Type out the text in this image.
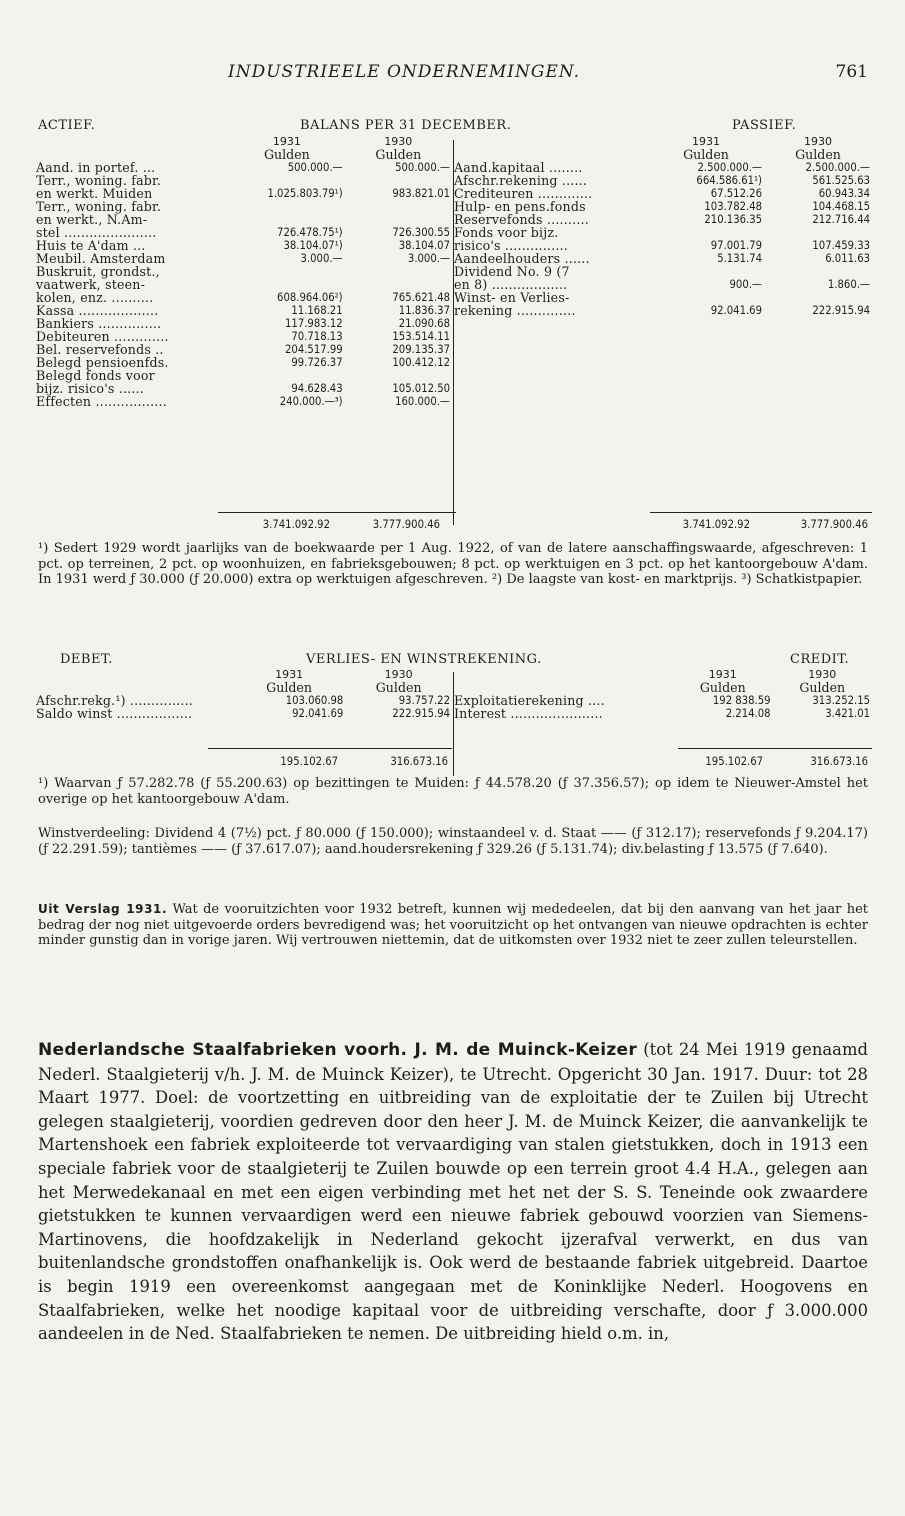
INDUSTRIEELE ONDERNEMINGEN.	761
ACTIEF.	BALANS PER 31 DECEMBER.	PASSIEF.
	1931	1930
	Gulden	Gulden
Aand. in portef. ...	500.000.—	500.000.—
Terr., woning. fabr.		
en werkt. Muiden	1.025.803.79¹)	983.821.01
Terr., woning. fabr.		
en werkt., N.Am-		
stel ......................	726.478.75¹)	726.300.55
Huis te A'dam ...	38.104.07¹)	38.104.07
Meubil. Amsterdam	3.000.—	3.000.—
Buskruit, grondst.,		
vaatwerk, steen-		
kolen, enz. ..........	608.964.06²)	765.621.48
Kassa ...................	11.168.21	11.836.37
Bankiers ...............	117.983.12	21.090.68
Debiteuren .............	70.718.13	153.514.11
Bel. reservefonds ..	204.517.99	209.135.37
Belegd pensioenfds.	99.726.37	100.412.12
Belegd fonds voor		
bijz. risico's ......	94.628.43	105.012.50
Effecten .................	240.000.—³)	160.000.—
	1931	1930
	Gulden	Gulden
Aand.kapitaal ........	2.500.000.—	2.500.000.—
Afschr.rekening ......	664.586.61¹)	561.525.63
Crediteuren .............	67.512.26	60.943.34
Hulp- en pens.fonds	103.782.48	104.468.15
Reservefonds ..........	210.136.35	212.716.44
Fonds voor bijz.		
risico's ...............	97.001.79	107.459.33
Aandeelhouders ......	5.131.74	6.011.63
Dividend No. 9 (7		
en 8) ..................	900.—	1.860.—
Winst- en Verlies-		
rekening ..............	92.041.69	222.915.94
3.741.092.92	3.777.900.46	3.741.092.92	3.777.900.46
¹) Sedert 1929 wordt jaarlijks van de boekwaarde per 1 Aug. 1922, of van de latere aanschaffingswaarde, afgeschreven: 1 pct. op terreinen, 2 pct. op woonhuizen, en fabrieksgebouwen; 8 pct. op werktuigen en 3 pct. op het kantoorgebouw A'dam. In 1931 werd ƒ 30.000 (ƒ 20.000) extra op werktuigen afgeschreven. ²) De laagste van kost- en marktprijs. ³) Schatkistpapier.
DEBET.	VERLIES- EN WINSTREKENING.	CREDIT.
	1931	1930
	Gulden	Gulden
Afschr.rekg.¹) ...............	103.060.98	93.757.22
Saldo winst ..................	92.041.69	222.915.94
	1931	1930
	Gulden	Gulden
Exploitatierekening ....	192 838.59	313.252.15
Interest ......................	2.214.08	3.421.01
195.102.67	316.673.16	195.102.67	316.673.16
¹) Waarvan ƒ 57.282.78 (ƒ 55.200.63) op bezittingen te Muiden: ƒ 44.578.20 (ƒ 37.356.57); op idem te Nieuwer-Amstel het overige op het kantoorgebouw A'dam.
Winstverdeeling: Dividend 4 (7½) pct. ƒ 80.000 (ƒ 150.000); winstaandeel v. d. Staat —— (ƒ 312.17); reservefonds ƒ 9.204.17) (ƒ 22.291.59); tantièmes —— (ƒ 37.617.07); aand.houdersrekening ƒ 329.26 (ƒ 5.131.74); div.belasting ƒ 13.575 (ƒ 7.640).
Uit Verslag 1931. Wat de vooruitzichten voor 1932 betreft, kunnen wij mededeelen, dat bij den aanvang van het jaar het bedrag der nog niet uitgevoerde orders bevredigend was; het vooruitzicht op het ontvangen van nieuwe opdrachten is echter minder gunstig dan in vorige jaren. Wij vertrouwen niettemin, dat de uitkomsten over 1932 niet te zeer zullen teleurstellen.
Nederlandsche Staalfabrieken voorh. J. M. de Muinck-Keizer (tot 24 Mei 1919 genaamd Nederl. Staalgieterij v/h. J. M. de Muinck Keizer), te Utrecht. Opgericht 30 Jan. 1917. Duur: tot 28 Maart 1977. Doel: de voortzetting en uitbreiding van de exploitatie der te Zuilen bij Utrecht gelegen staalgieterij, voordien gedreven door den heer J. M. de Muinck Keizer, die aanvankelijk te Martenshoek een fabriek exploiteerde tot vervaardiging van stalen gietstukken, doch in 1913 een speciale fabriek voor de staalgieterij te Zuilen bouwde op een terrein groot 4.4 H.A., gelegen aan het Merwedekanaal en met een eigen verbinding met het net der S. S. Teneinde ook zwaardere gietstukken te kunnen vervaardigen werd een nieuwe fabriek gebouwd voorzien van Siemens-Martinovens, die hoofdzakelijk in Nederland gekocht ijzerafval verwerkt, en dus van buitenlandsche grondstoffen onafhankelijk is. Ook werd de bestaande fabriek uitgebreid. Daartoe is begin 1919 een overeenkomst aangegaan met de Koninklijke Nederl. Hoogovens en Staalfabrieken, welke het noodige kapitaal voor de uitbreiding verschafte, door ƒ 3.000.000 aandeelen in de Ned. Staalfabrieken te nemen. De uitbreiding hield o.m. in,
